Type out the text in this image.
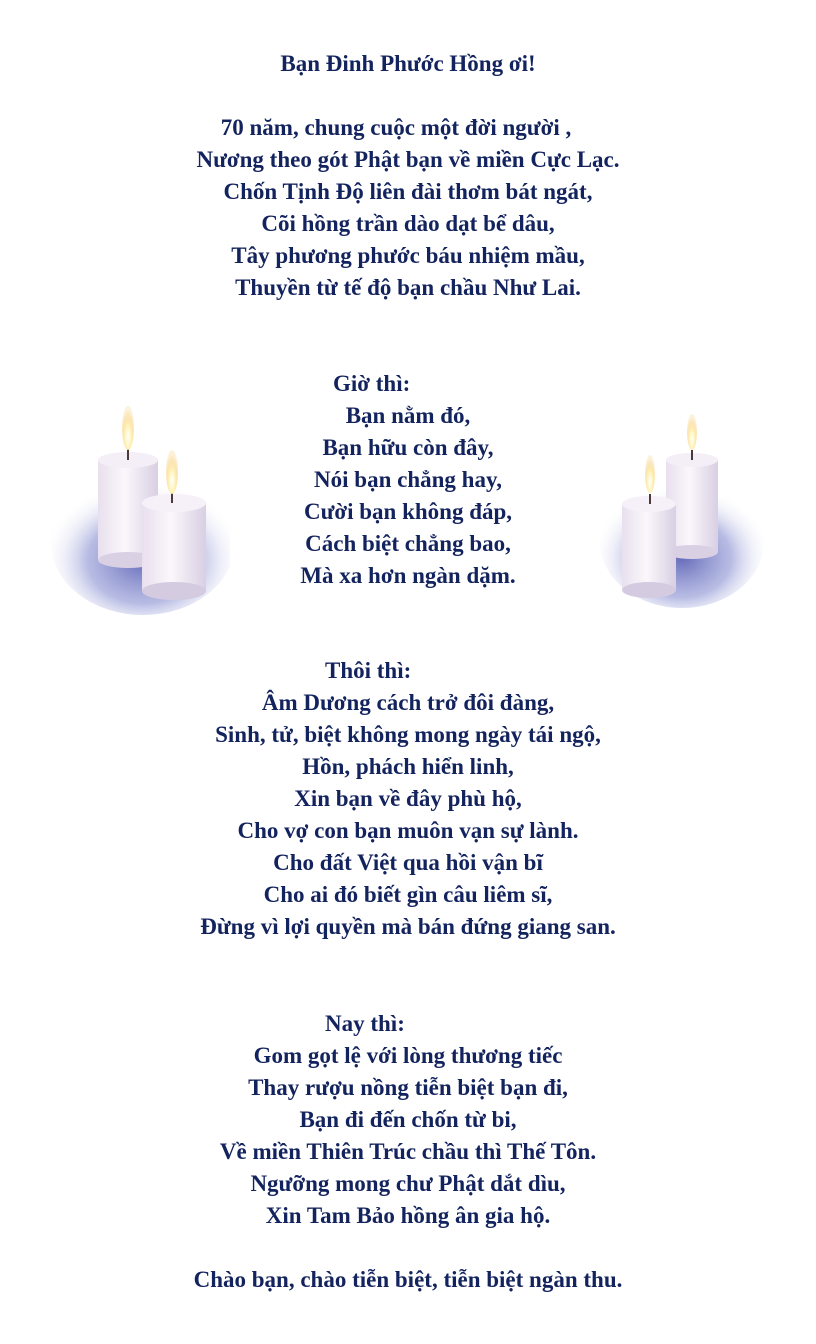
Bạn Đinh Phước Hồng ơi!
70 năm, chung cuộc một đời người ,
Nương theo gót Phật bạn về miền Cực Lạc.
Chốn Tịnh Độ liên đài thơm bát ngát,
Cõi hồng trần dào dạt bể dâu,
Tây phương phước báu nhiệm mầu,
Thuyền từ tế độ bạn chầu Như Lai.
Giờ thì:
Bạn nằm đó,
Bạn hữu còn đây,
Nói bạn chẳng hay,
Cười bạn không đáp,
Cách biệt chẳng bao,
Mà xa hơn ngàn dặm.
Thôi thì:
Âm Dương cách trở đôi đàng,
Sinh, tử, biệt không mong ngày tái ngộ,
Hồn, phách hiển linh,
Xin bạn về đây phù hộ,
Cho vợ con bạn muôn vạn sự lành.
Cho đất Việt qua hồi vận bĩ
Cho ai đó biết gìn câu liêm sĩ,
Đừng vì lợi quyền mà bán đứng giang san.
Nay thì:
Gom gọt lệ với lòng thương tiếc
Thay rượu nồng tiễn biệt bạn đi,
Bạn đi đến chốn từ bi,
Về miền Thiên Trúc chầu thì Thế Tôn.
Ngưỡng mong chư Phật dắt dìu,
Xin Tam Bảo hồng ân gia hộ.
Chào bạn, chào tiễn biệt, tiễn biệt ngàn thu.
